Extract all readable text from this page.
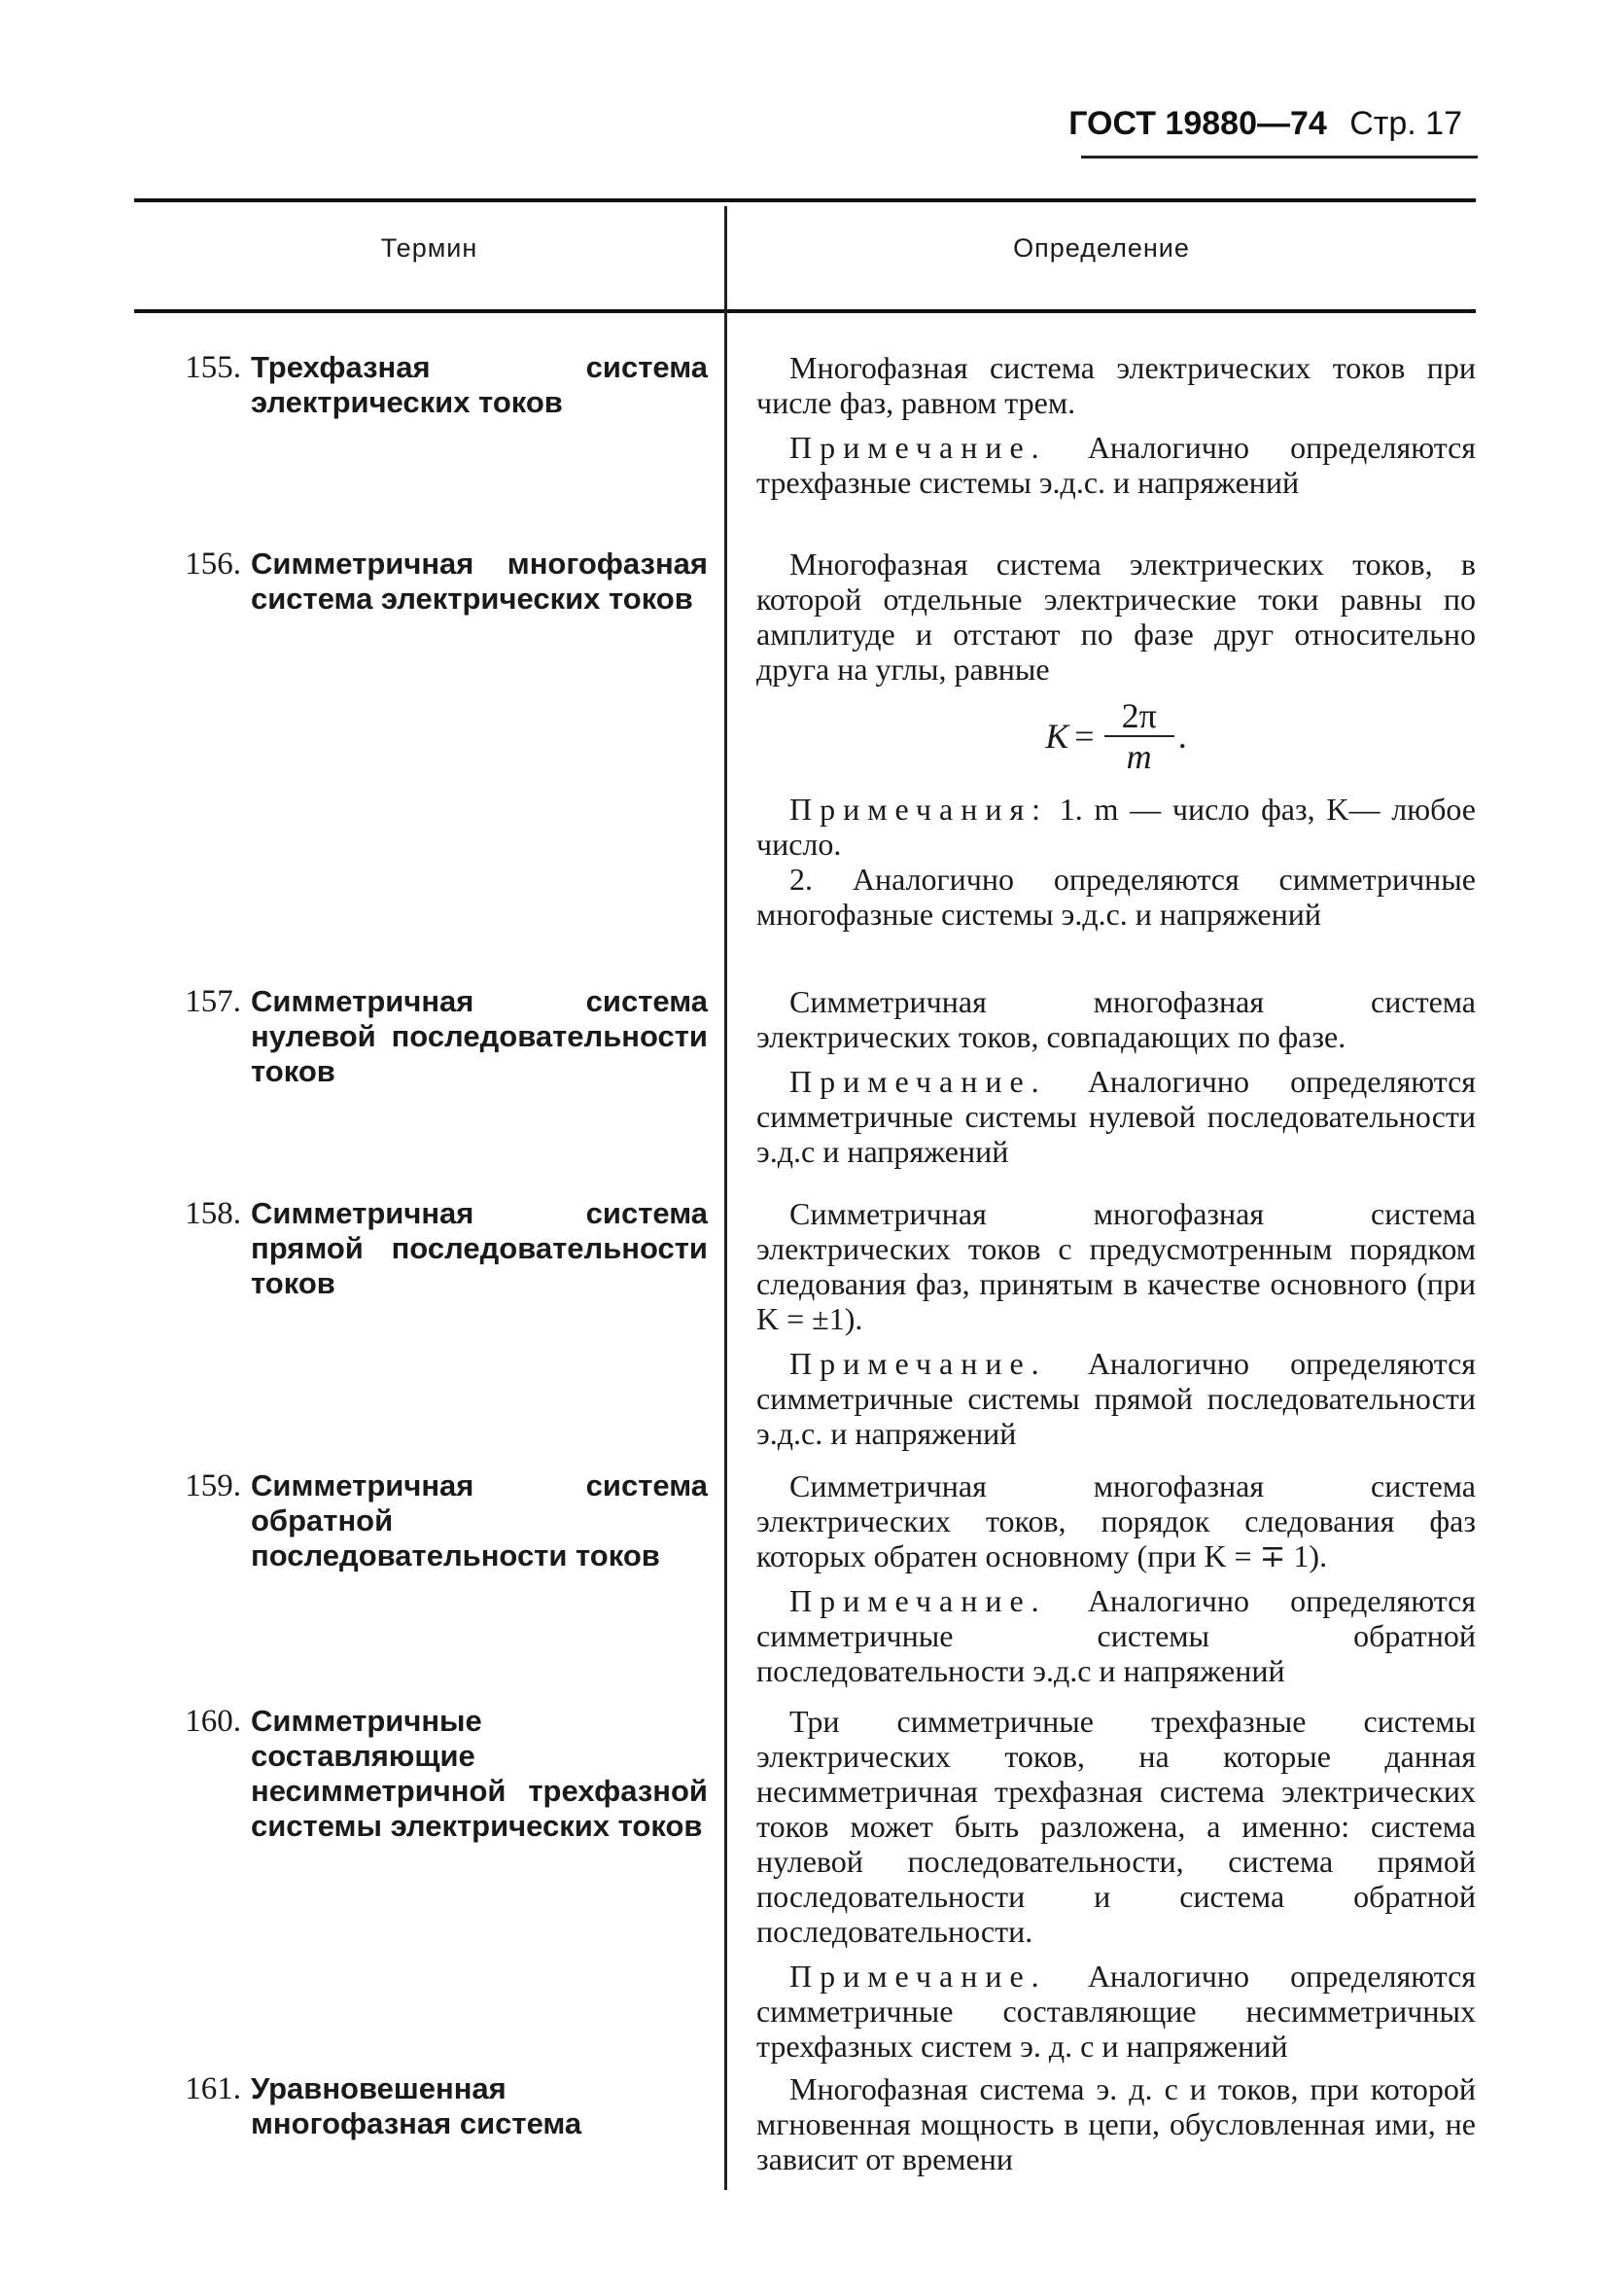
ГОСТ 19880—74 Стр. 17
Термин	Определение
155. Трехфазная система электрических токов

Многофазная система электрических токов при числе фаз, равном трем.

Примечание. Аналогично определяются трехфазные системы э.д.с. и напряжений

156. Симметричная многофазная система электрических токов

Многофазная система электрических токов, в которой отдельные электрические токи равны по амплитуде и отстают по фазе друг относительно друга на углы, равные

$K = \frac{2\pi}{m}$ .

Примечания: 1. m — число фаз, K— любое число.

2. Аналогично определяются симметричные многофазные системы э.д.с. и напряжений

157. Симметричная система нулевой последовательности токов

Симметричная многофазная система электрических токов, совпадающих по фазе.

Примечание. Аналогично определяются симметричные системы нулевой последовательности э.д.с и напряжений

158. Симметричная система прямой последовательности токов

Симметричная многофазная система электрических токов с предусмотренным порядком следования фаз, принятым в качестве основного (при K = ±1).

Примечание. Аналогично определяются симметричные системы прямой последовательности э.д.с. и напряжений

159. Симметричная система обратной последовательности токов

Симметричная многофазная система электрических токов, порядок следования фаз которых обратен основному (при K = ∓ 1).

Примечание. Аналогично определяются симметричные системы обратной последовательности э.д.с и напряжений

160. Симметричные составляющие несимметричной трехфазной системы электрических токов

Три симметричные трехфазные системы электрических токов, на которые данная несимметричная трехфазная система электрических токов может быть разложена, а именно: система нулевой последовательности, система прямой последовательности и система обратной последовательности.

Примечание. Аналогично определяются симметричные составляющие несимметричных трехфазных систем э. д. с и напряжений

161. Уравновешенная многофазная система

Многофазная система э. д. с и токов, при которой мгновенная мощность в цепи, обусловленная ими, не зависит от времени
